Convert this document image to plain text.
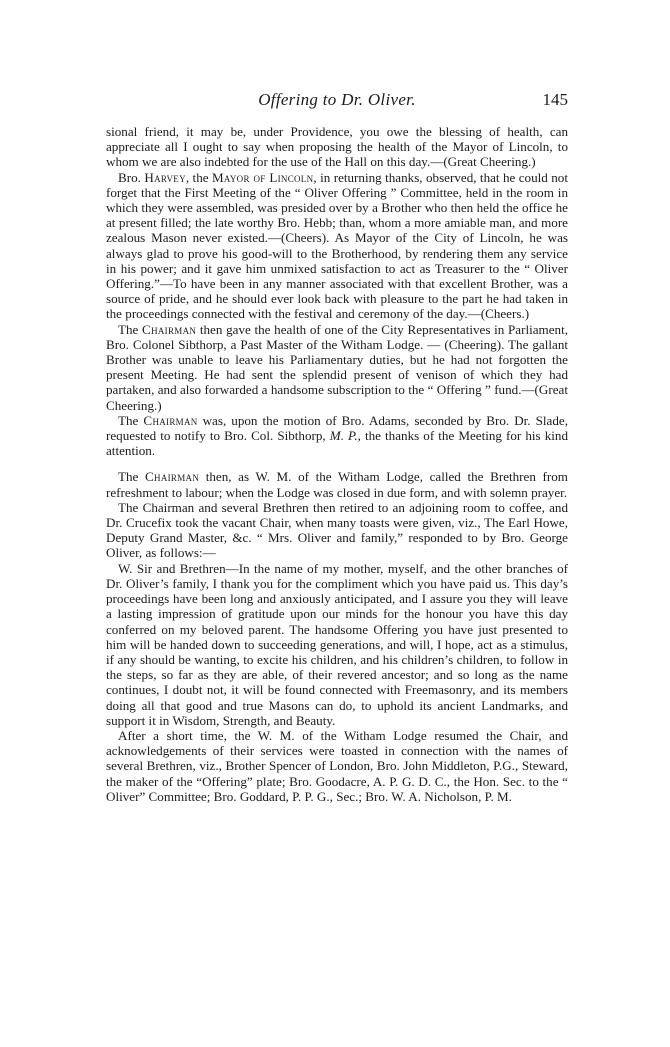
Offering to Dr. Oliver.	145

sional friend, it may be, under Providence, you owe the blessing of health, can appreciate all I ought to say when proposing the health of the Mayor of Lincoln, to whom we are also indebted for the use of the Hall on this day.—(Great Cheering.)

Bro. Harvey, the Mayor of Lincoln, in returning thanks, observed, that he could not forget that the First Meeting of the “ Oliver Offering ” Committee, held in the room in which they were assembled, was presided over by a Brother who then held the office he at present filled; the late worthy Bro. Hebb; than, whom a more amiable man, and more zealous Mason never existed.—(Cheers). As Mayor of the City of Lincoln, he was always glad to prove his good-will to the Brotherhood, by rendering them any service in his power; and it gave him unmixed satisfaction to act as Treasurer to the “ Oliver Offering.”—To have been in any manner associated with that excellent Brother, was a source of pride, and he should ever look back with pleasure to the part he had taken in the proceedings connected with the festival and ceremony of the day.—(Cheers.)

The Chairman then gave the health of one of the City Representatives in Parliament, Bro. Colonel Sibthorp, a Past Master of the Witham Lodge. — (Cheering). The gallant Brother was unable to leave his Parliamentary duties, but he had not forgotten the present Meeting. He had sent the splendid present of venison of which they had partaken, and also forwarded a handsome subscription to the “ Offering ” fund.—(Great Cheering.)

The Chairman was, upon the motion of Bro. Adams, seconded by Bro. Dr. Slade, requested to notify to Bro. Col. Sibthorp, M. P., the thanks of the Meeting for his kind attention.

The Chairman then, as W. M. of the Witham Lodge, called the Brethren from refreshment to labour; when the Lodge was closed in due form, and with solemn prayer.

The Chairman and several Brethren then retired to an adjoining room to coffee, and Dr. Crucefix took the vacant Chair, when many toasts were given, viz., The Earl Howe, Deputy Grand Master, &c. “ Mrs. Oliver and family,” responded to by Bro. George Oliver, as follows:—

W. Sir and Brethren—In the name of my mother, myself, and the other branches of Dr. Oliver’s family, I thank you for the compliment which you have paid us. This day’s proceedings have been long and anxiously anticipated, and I assure you they will leave a lasting impression of gratitude upon our minds for the honour you have this day conferred on my beloved parent. The handsome Offering you have just presented to him will be handed down to succeeding generations, and will, I hope, act as a stimulus, if any should be wanting, to excite his children, and his children’s children, to follow in the steps, so far as they are able, of their revered ancestor; and so long as the name continues, I doubt not, it will be found connected with Freemasonry, and its members doing all that good and true Masons can do, to uphold its ancient Landmarks, and support it in Wisdom, Strength, and Beauty.

After a short time, the W. M. of the Witham Lodge resumed the Chair, and acknowledgements of their services were toasted in connection with the names of several Brethren, viz., Brother Spencer of London, Bro. John Middleton, P.G., Steward, the maker of the “Offering” plate; Bro. Goodacre, A. P. G. D. C., the Hon. Sec. to the “ Oliver” Committee; Bro. Goddard, P. P. G., Sec.; Bro. W. A. Nicholson, P. M.
